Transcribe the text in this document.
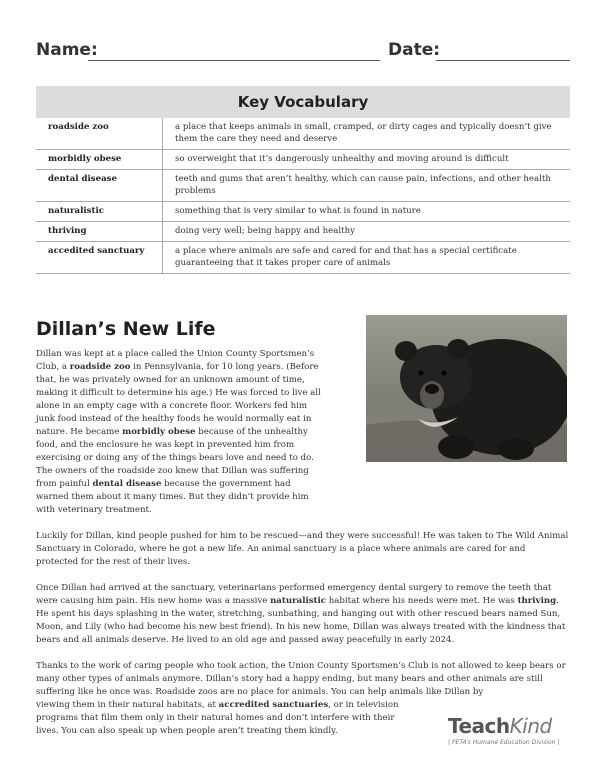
Name:	Date:
Key Vocabulary
roadside zoo	a place that keeps animals in small, cramped, or dirty cages and typically doesn’t give them the care they need and deserve
morbidly obese	so overweight that it’s dangerously unhealthy and moving around is difficult
dental disease	teeth and gums that aren’t healthy, which can cause pain, infections, and other health problems
naturalistic	something that is very similar to what is found in nature
thriving	doing very well; being happy and healthy
accedited sanctuary	a place where animals are safe and cared for and that has a special certificate guaranteeing that it takes proper care of animals
Dillan’s New Life

Dillan was kept at a place called the Union County Sportsmen’s Club, a roadside zoo in Pennsylvania, for 10 long years. (Before that, he was privately owned for an unknown amount of time, making it difficult to determine his age.) He was forced to live all alone in an empty cage with a concrete floor. Workers fed him junk food instead of the healthy foods he would normally eat in nature. He became morbidly obese because of the unhealthy food, and the enclosure he was kept in prevented him from exercising or doing any of the things bears love and need to do. The owners of the roadside zoo knew that Dillan was suffering from painful dental disease because the government had warned them about it many times. But they didn’t provide him with veterinary treatment.

Luckily for Dillan, kind people pushed for him to be rescued—and they were successful! He was taken to The Wild Animal Sanctuary in Colorado, where he got a new life. An animal sanctuary is a place where animals are cared for and protected for the rest of their lives.

Once Dillan had arrived at the sanctuary, veterinarians performed emergency dental surgery to remove the teeth that were causing him pain. His new home was a massive naturalistic habitat where his needs were met. He was thriving. He spent his days splashing in the water, stretching, sunbathing, and hanging out with other rescued bears named Sun, Moon, and Lily (who had become his new best friend). In his new home, Dillan was always treated with the kindness that bears and all animals deserve. He lived to an old age and passed away peacefully in early 2024.

Thanks to the work of caring people who took action, the Union County Sportsmen’s Club is not allowed to keep bears or many other types of animals anymore. Dillan’s story had a happy ending, but many bears and other animals are still suffering like he once was. Roadside zoos are no place for animals. You can help animals like Dillan by

viewing them in their natural habitats, at accredited sanctuaries, or in television programs that film them only in their natural homes and don’t interfere with their lives. You can also speak up when people aren’t treating them kindly.	TeachKind
| PETA’s Humane Education Division |
